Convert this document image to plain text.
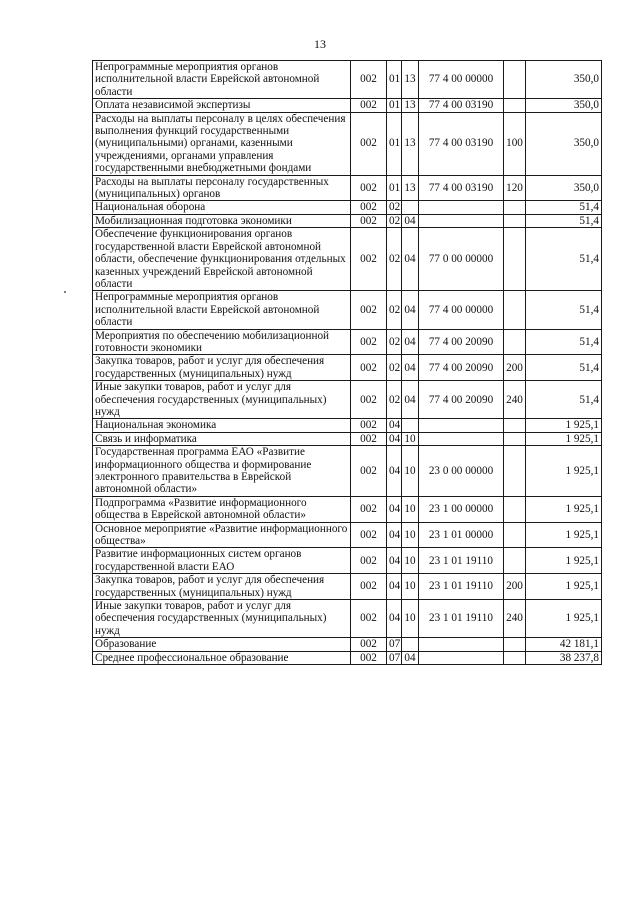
13
Непрограммные мероприятия органов исполнительной власти Еврейской автономной области	002	01	13	77 4 00 00000		350,0
Оплата независимой экспертизы	002	01	13	77 4 00 03190		350,0
Расходы на выплаты персоналу в целях обеспечения выполнения функций государственными (муниципальными) органами, казенными учреждениями, органами управления государственными внебюджетными фондами	002	01	13	77 4 00 03190	100	350,0
Расходы на выплаты персоналу государственных (муниципальных) органов	002	01	13	77 4 00 03190	120	350,0
Национальная оборона	002	02				51,4
Мобилизационная подготовка экономики	002	02	04			51,4
Обеспечение функционирования органов государственной власти Еврейской автономной области, обеспечение функционирования отдельных казенных учреждений Еврейской автономной области	002	02	04	77 0 00 00000		51,4
Непрограммные мероприятия органов исполнительной власти Еврейской автономной области	002	02	04	77 4 00 00000		51,4
Мероприятия по обеспечению мобилизационной готовности экономики	002	02	04	77 4 00 20090		51,4
Закупка товаров, работ и услуг для обеспечения государственных (муниципальных) нужд	002	02	04	77 4 00 20090	200	51,4
Иные закупки товаров, работ и услуг для обеспечения государственных (муниципальных) нужд	002	02	04	77 4 00 20090	240	51,4
Национальная экономика	002	04				1 925,1
Связь и информатика	002	04	10			1 925,1
Государственная программа ЕАО «Развитие информационного общества и формирование электронного правительства в Еврейской автономной области»	002	04	10	23 0 00 00000		1 925,1
Подпрограмма «Развитие информационного общества в Еврейской автономной области»	002	04	10	23 1 00 00000		1 925,1
Основное мероприятие «Развитие информационного общества»	002	04	10	23 1 01 00000		1 925,1
Развитие информационных систем органов государственной власти ЕАО	002	04	10	23 1 01 19110		1 925,1
Закупка товаров, работ и услуг для обеспечения государственных (муниципальных) нужд	002	04	10	23 1 01 19110	200	1 925,1
Иные закупки товаров, работ и услуг для обеспечения государственных (муниципальных) нужд	002	04	10	23 1 01 19110	240	1 925,1
Образование	002	07				42 181,1
Среднее профессиональное образование	002	07	04			38 237,8
